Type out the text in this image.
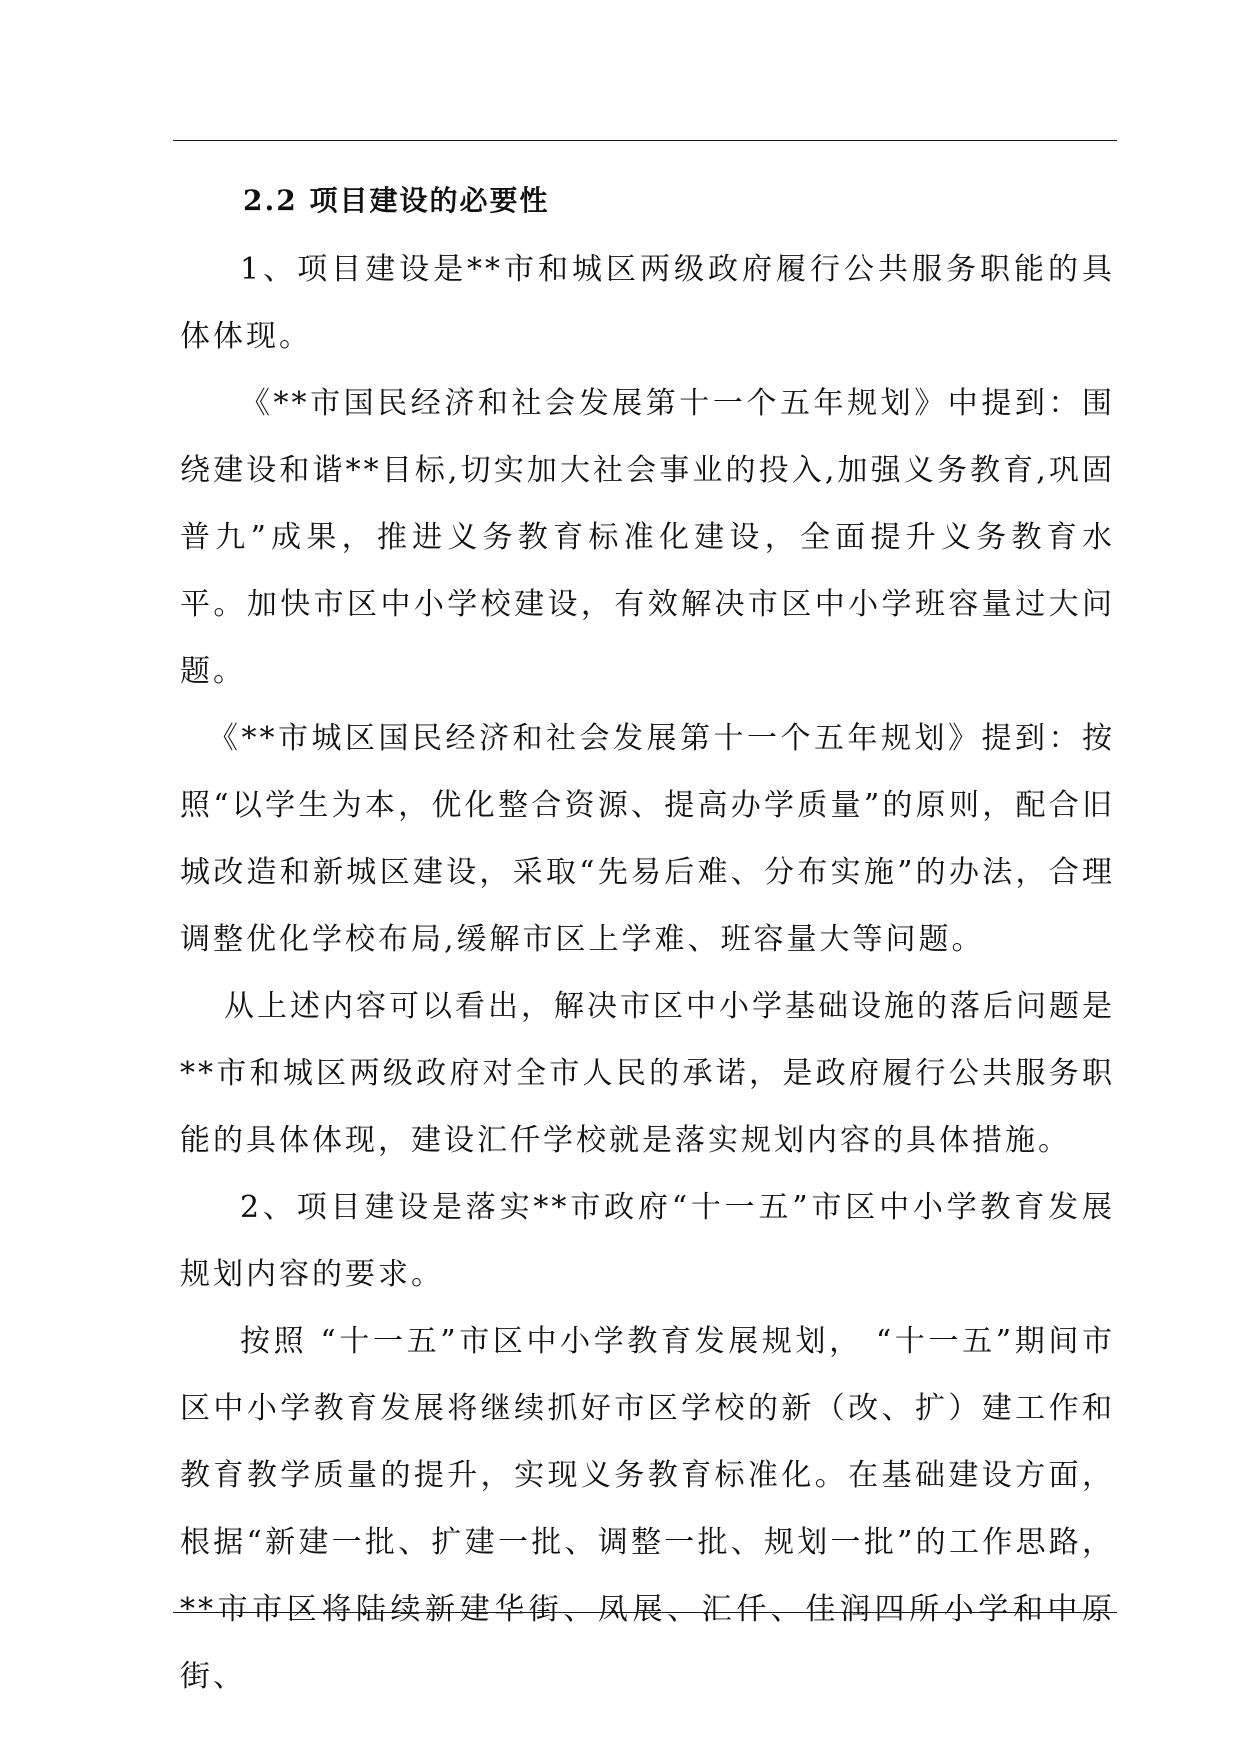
2.2 项目建设的必要性

1、项目建设是**市和城区两级政府履行公共服务职能的具体体现。

《**市国民经济和社会发展第十一个五年规划》中提到：围绕建设和谐**目标,切实加大社会事业的投入,加强义务教育,巩固普九”成果，推进义务教育标准化建设，全面提升义务教育水平。加快市区中小学校建设，有效解决市区中小学班容量过大问题。

《**市城区国民经济和社会发展第十一个五年规划》提到：按照“以学生为本，优化整合资源、提高办学质量”的原则，配合旧城改造和新城区建设，采取“先易后难、分布实施”的办法，合理调整优化学校布局,缓解市区上学难、班容量大等问题。

从上述内容可以看出，解决市区中小学基础设施的落后问题是**市和城区两级政府对全市人民的承诺，是政府履行公共服务职能的具体体现，建设汇仟学校就是落实规划内容的具体措施。

2、项目建设是落实**市政府“十一五”市区中小学教育发展规划内容的要求。

按照 “十一五”市区中小学教育发展规划， “十一五”期间市区中小学教育发展将继续抓好市区学校的新（改、扩）建工作和教育教学质量的提升，实现义务教育标准化。在基础建设方面，根据“新建一批、扩建一批、调整一批、规划一批”的工作思路，**市市区将陆续新建华街、凤展、汇仟、佳润四所小学和中原街、
